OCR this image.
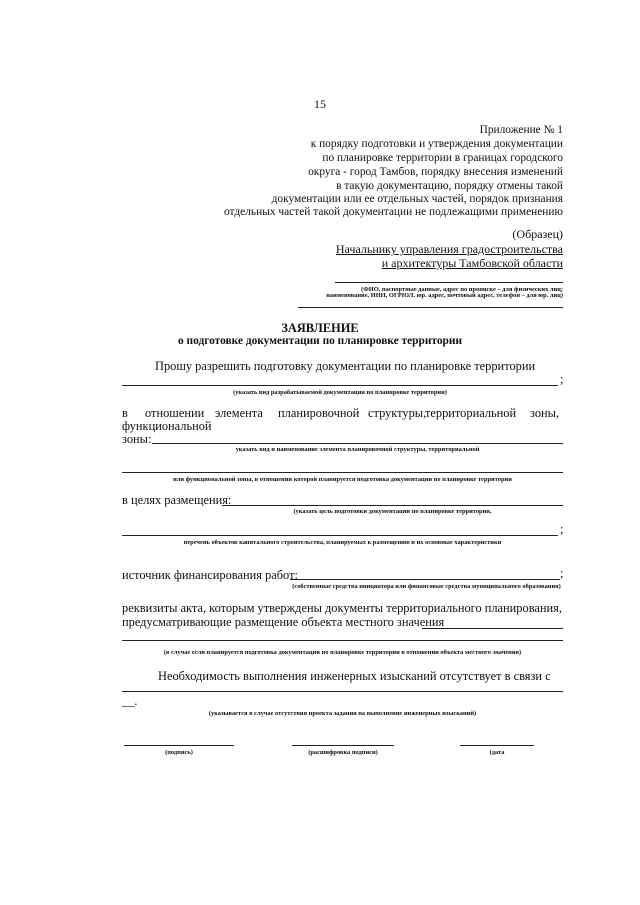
15
Приложение № 1
к порядку подготовки и утверждения документации
по планировке территории в границах городского
округа - город Тамбов, порядку внесения изменений
в такую документацию, порядку отмены такой
документации или ее отдельных частей, порядок признания
отдельных частей такой документации не подлежащими применению
(Образец)
Начальнику управления градостроительства
и архитектуры Тамбовской области
(ФИО, паспортные данные, адрес по прописке – для физических лиц;
наименование, ИНН, ОГРЮЛ, юр. адрес, почтовый адрес, телефон – для юр. лиц)
ЗАЯВЛЕНИЕ
о подготовке документации по планировке территории
Прошу разрешить подготовку документации по планировке территории
;
(указать вид разрабатываемой документации по планировке территории)
в отношении элемента планировочной структуры,
территориальной зоны,
функциональной
зоны:
указать вид и наименование элемента планировочной структуры, территориальной
или функциональной зоны, в отношении которой планируется подготовка документации по планировке территории
в целях размещения:
(указать цель подготовки документации по планировке территории,
;
перечень объектов капитального строительства, планируемых к размещению и их основные характеристики
источник финансирования работ:	;
(собственные средства инициатора или финансовые средства муниципального образования)
реквизиты акта, которым утверждены документы территориального планирования,
предусматривающие размещение объекта местного значения
(в случае если планируется подготовка документации по планировке территории в отношении объекта местного значения)
Необходимость выполнения инженерных изысканий отсутствует в связи с
__.
(указывается в случае отсутствия проекта задания на выполнение инженерных изысканий)
(подпись)	(расшифровка подписи)	(дата
